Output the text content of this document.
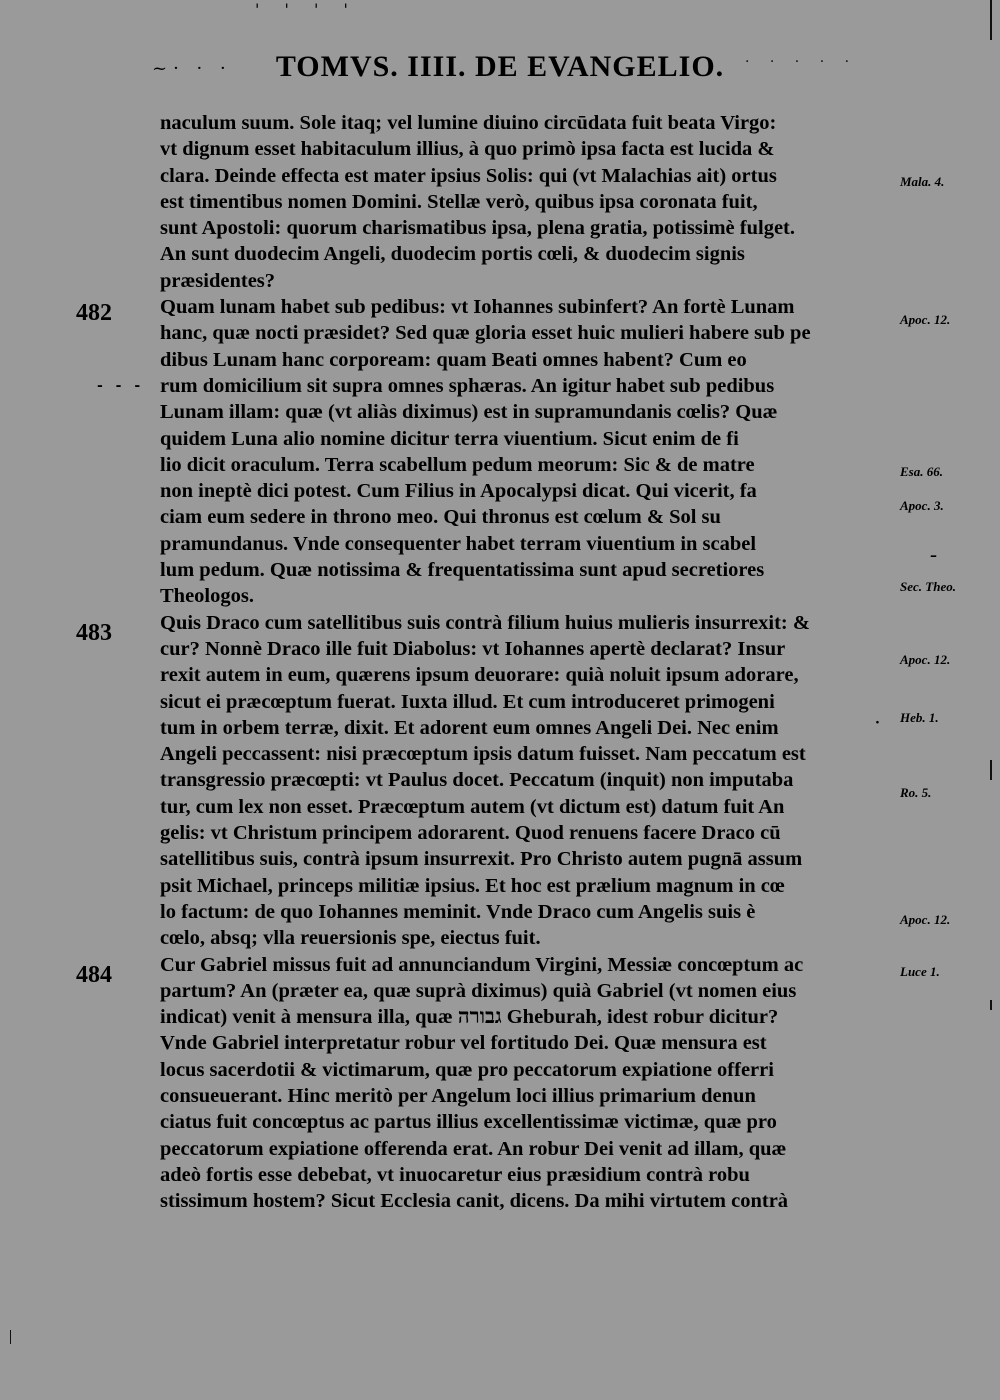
' ' ' '
~· · ·	· · · · ·
TOMVS. IIII. DE EVANGELIO.
- - -
–
·
482
483
484
naculum suum. Sole itaq; vel lumine diuino circūdata fuit beata Virgo:
vt dignum esset habitaculum illius, à quo primò ipsa facta est lucida &
clara. Deinde effecta est mater ipsius Solis: qui (vt Malachias ait) ortus
est timentibus nomen Domini. Stellæ verò, quibus ipsa coronata fuit,
sunt Apostoli: quorum charismatibus ipsa, plena gratia, potissimè fulget.
An sunt duodecim Angeli, duodecim portis cœli, & duodecim signis
præsidentes?
Quam lunam habet sub pedibus: vt Iohannes subinfert? An fortè Lunam
hanc, quæ nocti præsidet? Sed quæ gloria esset huic mulieri habere sub pe
dibus Lunam hanc corpoream: quam Beati omnes habent? Cum eo
rum domicilium sit supra omnes sphæras. An igitur habet sub pedibus
Lunam illam: quæ (vt aliàs diximus) est in supramundanis cœlis? Quæ
quidem Luna alio nomine dicitur terra viuentium. Sicut enim de fi
lio dicit oraculum. Terra scabellum pedum meorum: Sic & de matre
non ineptè dici potest. Cum Filius in Apocalypsi dicat. Qui vicerit, fa
ciam eum sedere in throno meo. Qui thronus est cœlum & Sol su
pramundanus. Vnde consequenter habet terram viuentium in scabel
lum pedum. Quæ notissima & frequentatissima sunt apud secretiores
Theologos.
Quis Draco cum satellitibus suis contrà filium huius mulieris insurrexit: &
cur? Nonnè Draco ille fuit Diabolus: vt Iohannes apertè declarat? Insur
rexit autem in eum, quærens ipsum deuorare: quià noluit ipsum adorare,
sicut ei præcœptum fuerat. Iuxta illud. Et cum introduceret primogeni
tum in orbem terræ, dixit. Et adorent eum omnes Angeli Dei. Nec enim
Angeli peccassent: nisi præcœptum ipsis datum fuisset. Nam peccatum est
transgressio præcœpti: vt Paulus docet. Peccatum (inquit) non imputaba
tur, cum lex non esset. Præcœptum autem (vt dictum est) datum fuit An
gelis: vt Christum principem adorarent. Quod renuens facere Draco cū
satellitibus suis, contrà ipsum insurrexit. Pro Christo autem pugnā assum
psit Michael, princeps militiæ ipsius. Et hoc est prælium magnum in cœ
lo factum: de quo Iohannes meminit. Vnde Draco cum Angelis suis è
cœlo, absq; vlla reuersionis spe, eiectus fuit.
Cur Gabriel missus fuit ad annunciandum Virgini, Messiæ concœptum ac
partum? An (præter ea, quæ suprà diximus) quià Gabriel (vt nomen eius
indicat) venit à mensura illa, quæ גבורה Gheburah, idest robur dicitur?
Vnde Gabriel interpretatur robur vel fortitudo Dei. Quæ mensura est
locus sacerdotii & victimarum, quæ pro peccatorum expiatione offerri
consueuerant. Hinc meritò per Angelum loci illius primarium denun
ciatus fuit concœptus ac partus illius excellentissimæ victimæ, quæ pro
peccatorum expiatione offerenda erat. An robur Dei venit ad illam, quæ
adeò fortis esse debebat, vt inuocaretur eius præsidium contrà robu
stissimum hostem? Sicut Ecclesia canit, dicens. Da mihi virtutem contrà
Mala. 4.
Apoc. 12.
Esa. 66.
Apoc. 3.
Sec. Theo.
Apoc. 12.
Heb. 1.
Ro. 5.
Apoc. 12.
Luce 1.
